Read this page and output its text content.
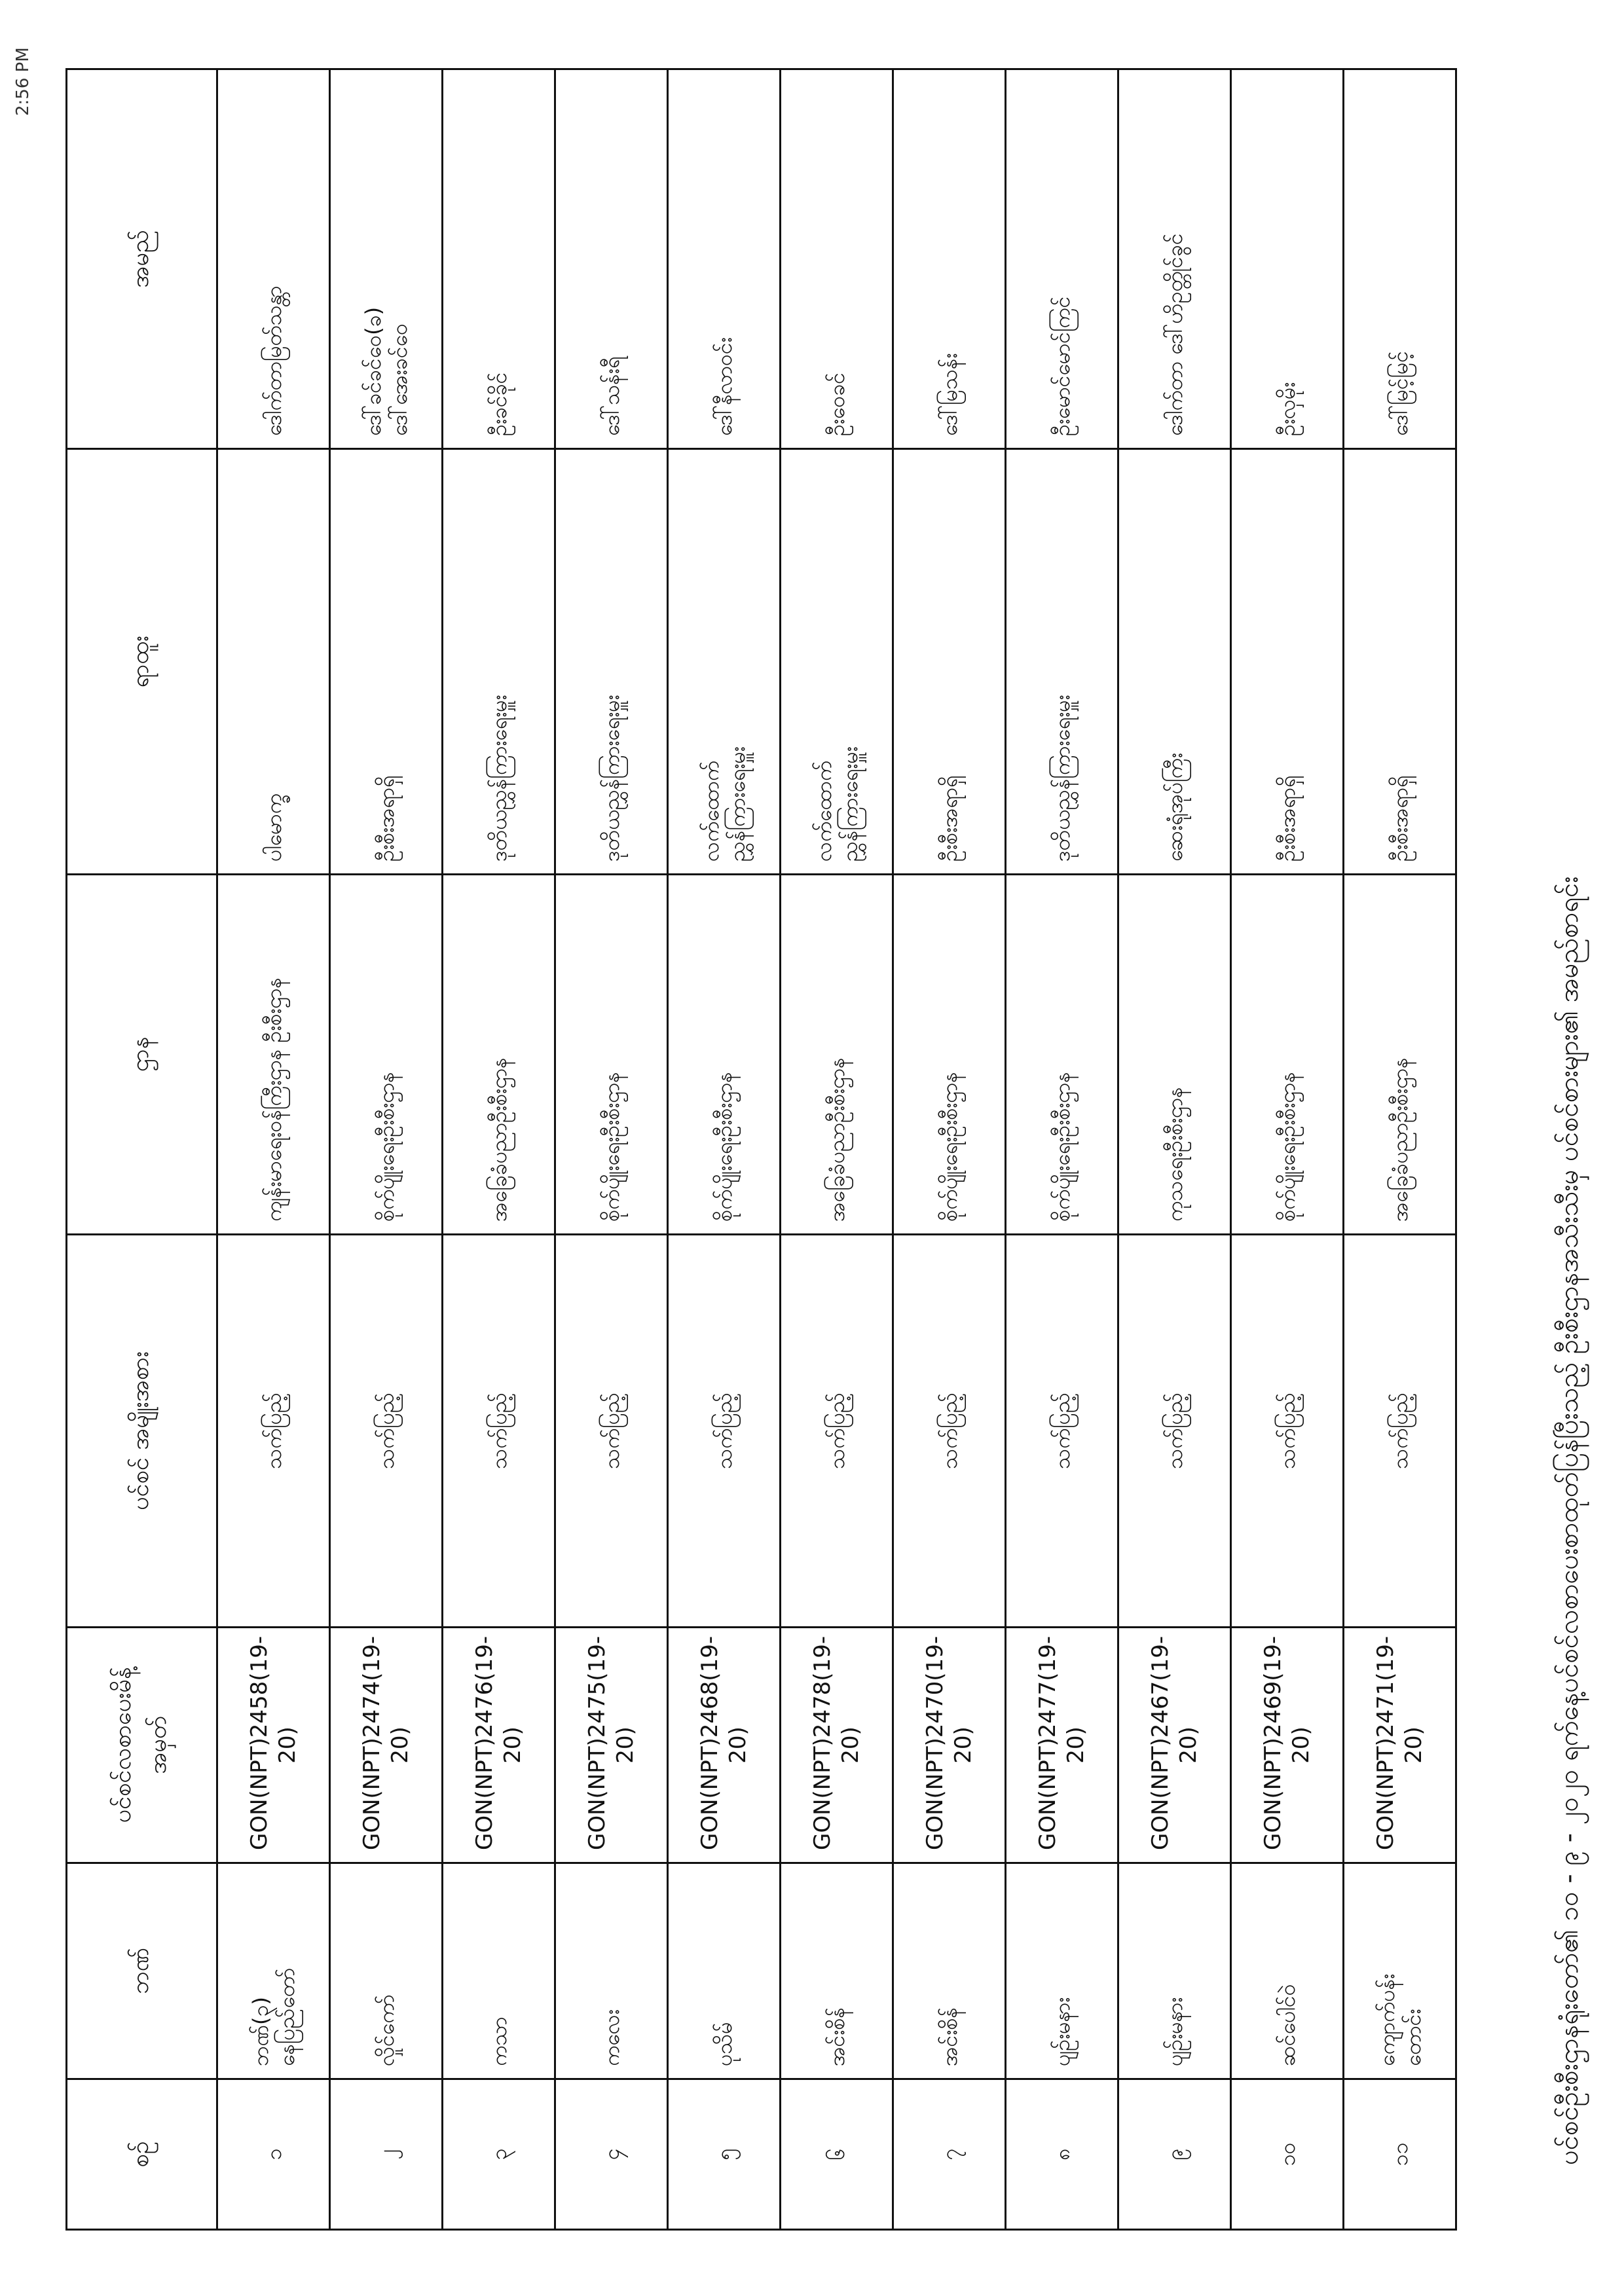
ပင်စင်ဦးစီးဌာနရုံးတော်၏ ၁၀ - ၉ - ၂၀၂၀ ရက်နေ့ပင်စင်လစာပေးစာထုတ်ပြန်ပြီးသည့် ဦးစီးဌာနအသီးသီးမှ ပင်စင်စားများ၏ အမည်စာရင်း
2:56 PM
စဉ်	ဘဏ်	ပင်စင်လစာပေးမိန့်အမှတ်	ပင်စင် အမျိုးအစား	ဌာန	ရာထူး	အမည်
၁	ဘဏ်(၃)
နေပြည်တော်	GON(NPT)2458(19-20)	သက်ပြည့်	ကျန်းမာရေးဝန်ကြီးဌာန ဦးစီးဌာန	ပါမောက္ခ	ဒေါက်တာမြတ်သန္တာ
၂	လှိုင်ကော်	GON(NPT)2474(19-20)	သက်ပြည့်	စိုက်ပျိုးရေးဦးစီးဌာန	ဦးစီးအရာရှိ	ဒေါ်ခင်ခင်ဝေ(ခ)
ဒေါ်အေးခင်ဝေ
၃	ကသာ	GON(NPT)2476(19-20)	သက်ပြည့်	အခြေခံပညာဦးစီးဌာန	ဒုတိယညွှန်ကြားရေးမှူး	ဦးခင်ခိုင်
၄	ကလေး	GON(NPT)2475(19-20)	သက်ပြည့်	စိုက်ပျိုးရေးဦးစီးဌာန	ဒုတိယညွှန်ကြားရေးမှူး	ဒေါ်သန်းရီ
၅	ပုသိမ်	GON(NPT)2468(19-20)	သက်ပြည့်	စိုက်ပျိုးရေးဦးစီးဌာန	လက်ထောက်
ညွှန်ကြားရေးမှူး	ဒေါ်နီလာဝင်း
၆	အင်းစိန်	GON(NPT)2478(19-20)	သက်ပြည့်	အခြေခံပညာဦးစီးဌာန	လက်ထောက်
ညွှန်ကြားရေးမှူး	ဦးဝေခင်
၇	အင်းစိန်	GON(NPT)2470(19-20)	သက်ပြည့်	စိုက်ပျိုးရေးဦးစီးဌာန	ဦးစီးအရာရှိ	ဒေါ်မြသန်း
၈	ပျဉ်းမနား	GON(NPT)2477(19-20)	သက်ပြည့်	စိုက်ပျိုးရေးဦးစီးဌာန	ဒုတိယညွှန်ကြားရေးမှူး	ဦးမောင်မောင်ကြင်
၉	ပျဉ်းမနား	GON(NPT)2467(19-20)	သက်ပြည့်	ကုသရေးဦးစီးဌာန	ဆေးရုံအုပ်ကြီး	ဒေါက်တာ ဒေါ်ဟိဥတ္တိုင်ခွင်
၁၀	ဆင်ပေါင်ဝဲ	GON(NPT)2469(19-20)	သက်ပြည့်	စိုက်ပျိုးရေးဦးစီးဌာန	ဦးစီးအရာရှိ	ဦးလှမိုး
၁၁	ကျောက်ပန်း
တောင်း	GON(NPT)2471(19-20)	သက်ပြည့်	အခြေခံပညာဦးစီးဌာန	ဦးစီးအရာရှိ	ဒေါ်မြင့်မြင့်
